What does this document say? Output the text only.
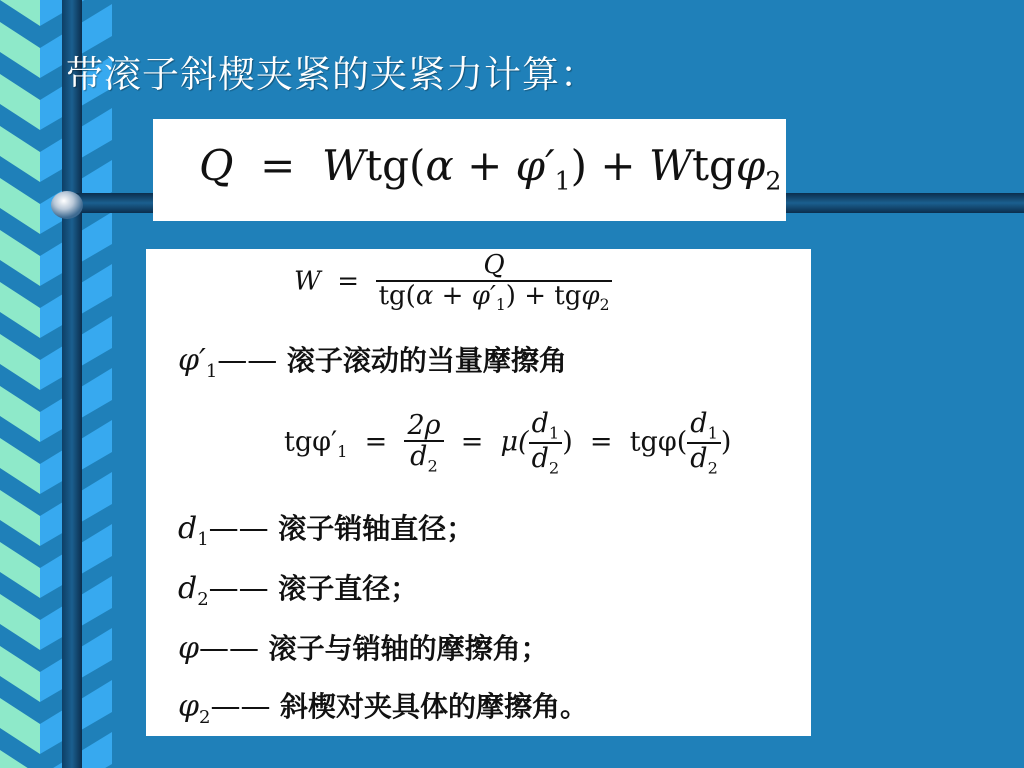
带滚子斜楔夹紧的夹紧力计算：
$Q = Wtg(\alpha + \varphi'_1) + Wtg\varphi_2$
$W = \frac{Q}{tg(\alpha + \varphi'_1) + tg\varphi_2}$
$\varphi'_1——$ 滚子滚动的当量摩擦角
$tg\varphi'_1 = \frac{2\rho}{d_2} = \mu( \frac{d_1}{d_2}$ ) = $tg\varphi( \frac{d_1}{d_2}$ )
$d_1——$ 滚子销轴直径；
$d_2——$ 滚子直径；
φ—— 滚子与销轴的摩擦角；
$\varphi_2——$ 斜楔对夹具体的摩擦角。
